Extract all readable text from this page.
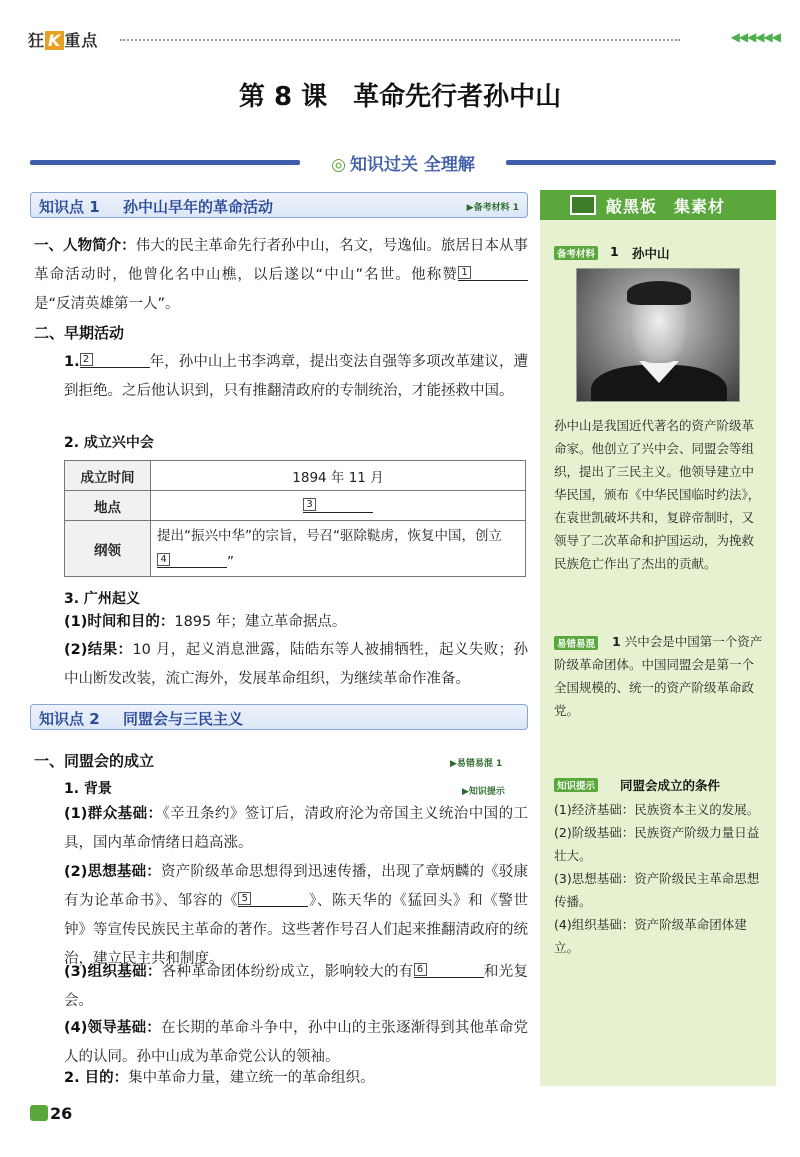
狂 K 重点	◀◀◀◀◀◀
第 8 课　革命先行者孙中山
◎ 知识过关 全理解
知识点 1 孙中山早年的革命活动	▶备考材料 1
一、人物简介：伟大的民主革命先行者孙中山，名文，号逸仙。旅居日本从事革命活动时，他曾化名中山樵，以后遂以“中山”名世。他称赞 1
是“反清英雄第一人”。
二、早期活动
1. 2	年，孙中山上书李鸿章，提出变法自强等多项改革建议，遭到拒绝。之后他认识到，只有推翻清政府的专制统治，才能拯救中国。
2. 成立兴中会
成立时间	1894 年 11 月
地点	3

纲领	提出“振兴中华”的宗旨，号召“驱除鞑虏，恢复中国，创立

4 ”
3. 广州起义
(1)时间和目的：1895 年；建立革命据点。
(2)结果：10 月，起义消息泄露，陆皓东等人被捕牺牲，起义失败；孙中山断发改装，流亡海外，发展革命组织，为继续革命作准备。
知识点 2 同盟会与三民主义
一、同盟会的成立	▶易错易混 1
1. 背景	▶知识提示
(1)群众基础：《辛丑条约》签订后，清政府沦为帝国主义统治中国的工具，国内革命情绪日趋高涨。
(2)思想基础：资产阶级革命思想得到迅速传播，出现了章炳麟的《驳康有为论革命书》、邹容的《 5	》、陈天华的《猛回头》和《警世钟》等宣传民族民主革命的著作。这些著作号召人们起来推翻清政府的统治，建立民主共和制度。
(3)组织基础：各种革命团体纷纷成立，影响较大的有 6	和光复会。
(4)领导基础：在长期的革命斗争中，孙中山的主张逐渐得到其他革命党人的认同。孙中山成为革命党公认的领袖。
2. 目的：集中革命力量，建立统一的革命组织。
敲黑板　集素材
备考材料 1 孙中山
孙中山是我国近代著名的资产阶级革命家。他创立了兴中会、同盟会等组织，提出了三民主义。他领导建立中华民国，颁布《中华民国临时约法》，在袁世凯破坏共和，复辟帝制时，又领导了二次革命和护国运动，为挽救民族危亡作出了杰出的贡献。
易错易混	1 兴中会是中国第一个资产阶级革命团体。中国同盟会是第一个全国规模的、统一的资产阶级革命政党。
知识提示 同盟会成立的条件
(1)经济基础：民族资本主义的发展。
(2)阶级基础：民族资产阶级力量日益壮大。
(3)思想基础：资产阶级民主革命思想传播。
(4)组织基础：资产阶级革命团体建立。
26
